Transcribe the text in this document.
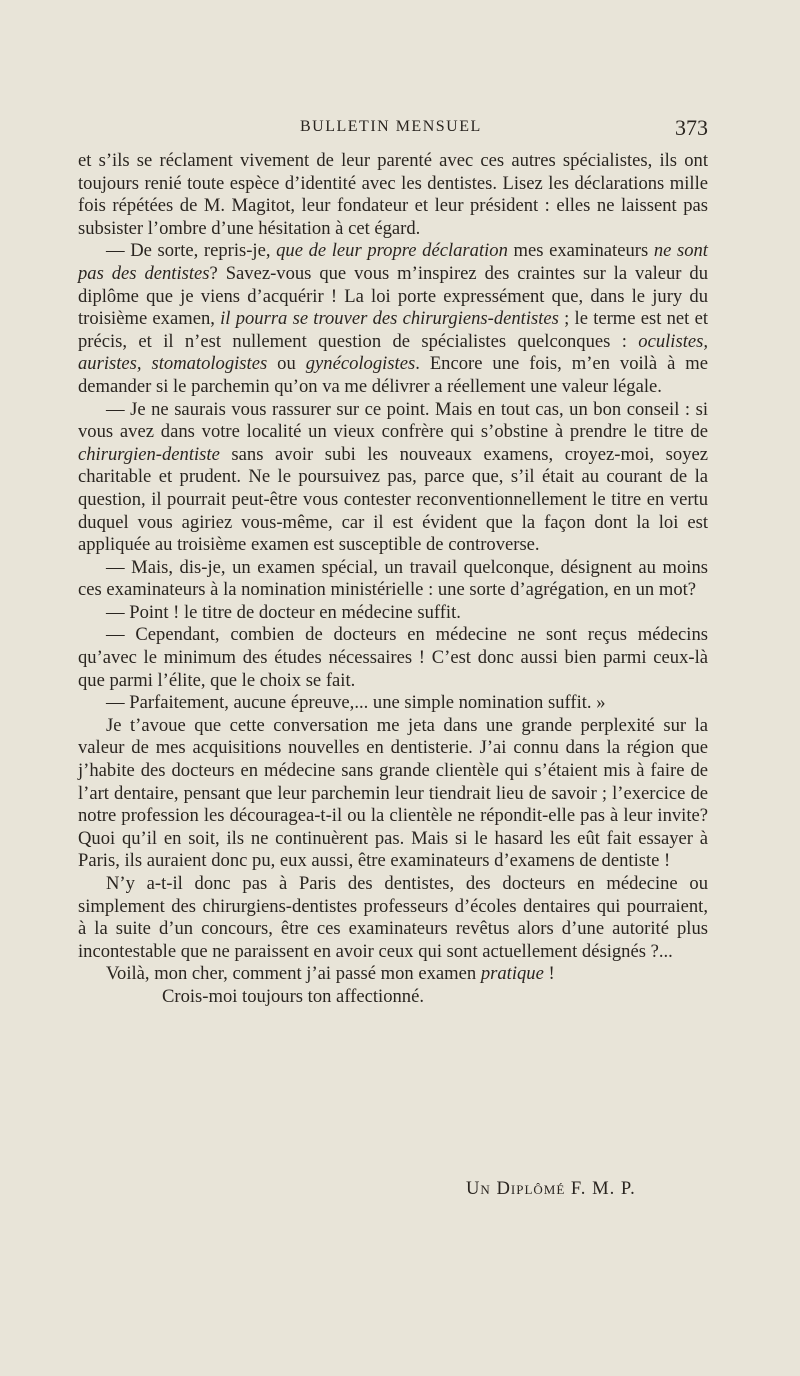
BULLETIN MENSUEL	373

et s’ils se réclament vivement de leur parenté avec ces autres spécialistes, ils ont toujours renié toute espèce d’identité avec les dentistes. Lisez les déclarations mille fois répétées de M. Magitot, leur fondateur et leur président : elles ne laissent pas subsister l’ombre d’une hésitation à cet égard.

— De sorte, repris-je, que de leur propre déclaration mes examinateurs ne sont pas des dentistes? Savez-vous que vous m’inspirez des craintes sur la valeur du diplôme que je viens d’acquérir ! La loi porte expressément que, dans le jury du troisième examen, il pourra se trouver des chirurgiens-dentistes ; le terme est net et précis, et il n’est nullement question de spécialistes quelconques : oculistes, auristes, stomatologistes ou gynécologistes. Encore une fois, m’en voilà à me demander si le parchemin qu’on va me délivrer a réellement une valeur légale.

— Je ne saurais vous rassurer sur ce point. Mais en tout cas, un bon conseil : si vous avez dans votre localité un vieux confrère qui s’obstine à prendre le titre de chirurgien-dentiste sans avoir subi les nouveaux examens, croyez-moi, soyez charitable et prudent. Ne le poursuivez pas, parce que, s’il était au courant de la question, il pourrait peut-être vous contester reconventionnellement le titre en vertu duquel vous agiriez vous-même, car il est évident que la façon dont la loi est appliquée au troisième examen est susceptible de controverse.

— Mais, dis-je, un examen spécial, un travail quelconque, désignent au moins ces examinateurs à la nomination ministérielle : une sorte d’agrégation, en un mot?

— Point ! le titre de docteur en médecine suffit.

— Cependant, combien de docteurs en médecine ne sont reçus médecins qu’avec le minimum des études nécessaires ! C’est donc aussi bien parmi ceux-là que parmi l’élite, que le choix se fait.

— Parfaitement, aucune épreuve,... une simple nomination suffit. »

Je t’avoue que cette conversation me jeta dans une grande perplexité sur la valeur de mes acquisitions nouvelles en dentisterie. J’ai connu dans la région que j’habite des docteurs en médecine sans grande clientèle qui s’étaient mis à faire de l’art dentaire, pensant que leur parchemin leur tiendrait lieu de savoir ; l’exercice de notre profession les découragea-t-il ou la clientèle ne répondit-elle pas à leur invite? Quoi qu’il en soit, ils ne continuèrent pas. Mais si le hasard les eût fait essayer à Paris, ils auraient donc pu, eux aussi, être examinateurs d’examens de dentiste !

N’y a-t-il donc pas à Paris des dentistes, des docteurs en médecine ou simplement des chirurgiens-dentistes professeurs d’écoles dentaires qui pourraient, à la suite d’un concours, être ces examinateurs revêtus alors d’une autorité plus incontestable que ne paraissent en avoir ceux qui sont actuellement désignés ?...

Voilà, mon cher, comment j’ai passé mon examen pratique !

Crois-moi toujours ton affectionné.

Un Diplômé F. M. P.
